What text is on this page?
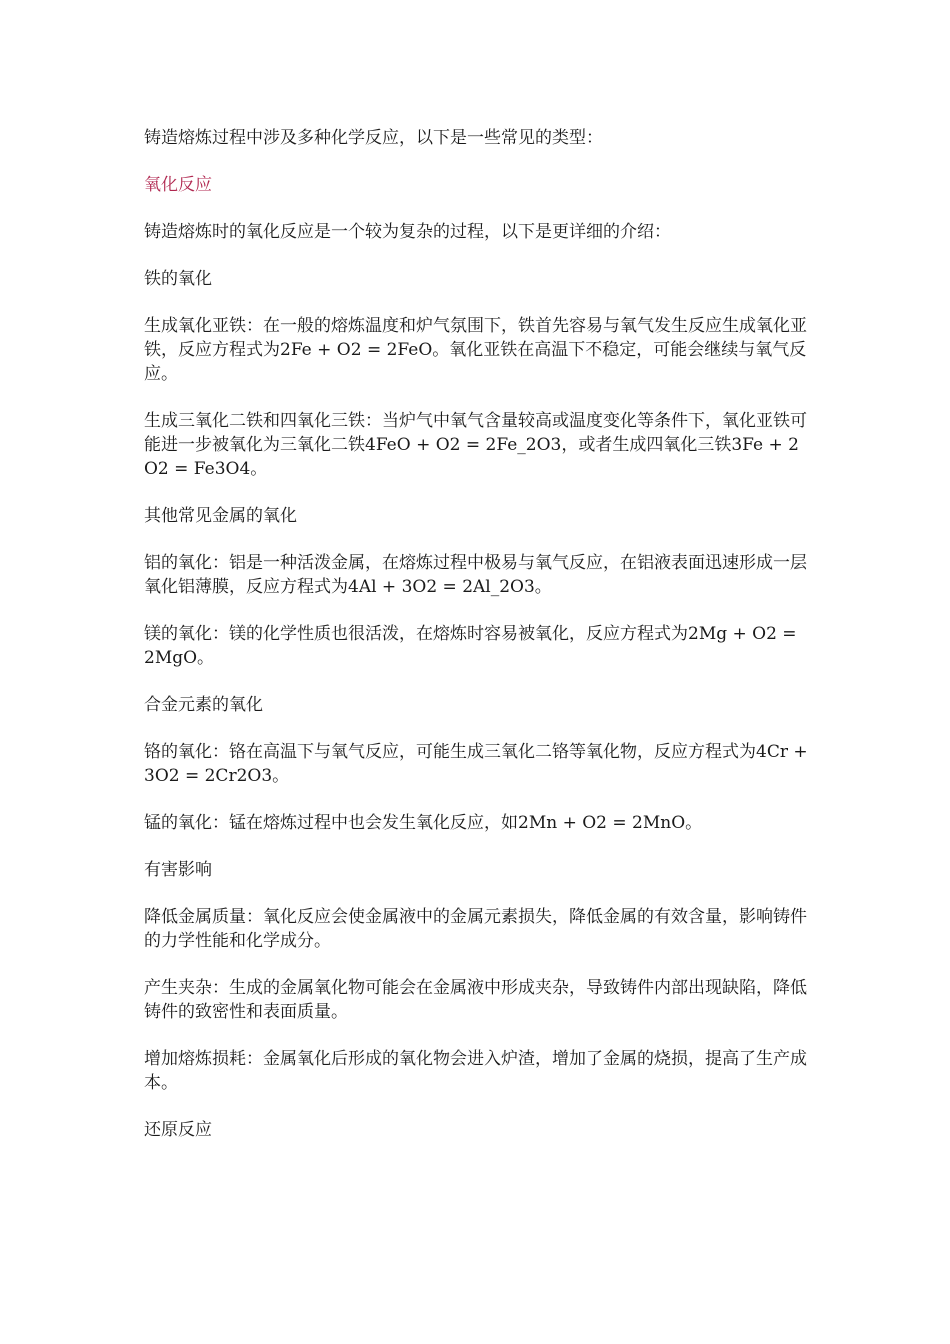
铸造熔炼过程中涉及多种化学反应，以下是一些常见的类型：

氧化反应

铸造熔炼时的氧化反应是一个较为复杂的过程，以下是更详细的介绍：

铁的氧化

生成氧化亚铁：在一般的熔炼温度和炉气氛围下，铁首先容易与氧气发生反应生成氧化亚铁，反应方程式为2Fe + O2 = 2FeO。氧化亚铁在高温下不稳定，可能会继续与氧气反应。

生成三氧化二铁和四氧化三铁：当炉气中氧气含量较高或温度变化等条件下，氧化亚铁可能进一步被氧化为三氧化二铁4FeO + O2 = 2Fe_2O3，或者生成四氧化三铁3Fe + 2O2 = Fe3O4。

其他常见金属的氧化

铝的氧化：铝是一种活泼金属，在熔炼过程中极易与氧气反应，在铝液表面迅速形成一层氧化铝薄膜，反应方程式为4Al + 3O2 = 2Al_2O3。

镁的氧化：镁的化学性质也很活泼，在熔炼时容易被氧化，反应方程式为2Mg + O2 = 2MgO。

合金元素的氧化

铬的氧化：铬在高温下与氧气反应，可能生成三氧化二铬等氧化物，反应方程式为4Cr + 3O2 = 2Cr2O3。

锰的氧化：锰在熔炼过程中也会发生氧化反应，如2Mn + O2 = 2MnO。

有害影响

降低金属质量：氧化反应会使金属液中的金属元素损失，降低金属的有效含量，影响铸件的力学性能和化学成分。

产生夹杂：生成的金属氧化物可能会在金属液中形成夹杂，导致铸件内部出现缺陷，降低铸件的致密性和表面质量。

增加熔炼损耗：金属氧化后形成的氧化物会进入炉渣，增加了金属的烧损，提高了生产成本。

还原反应
